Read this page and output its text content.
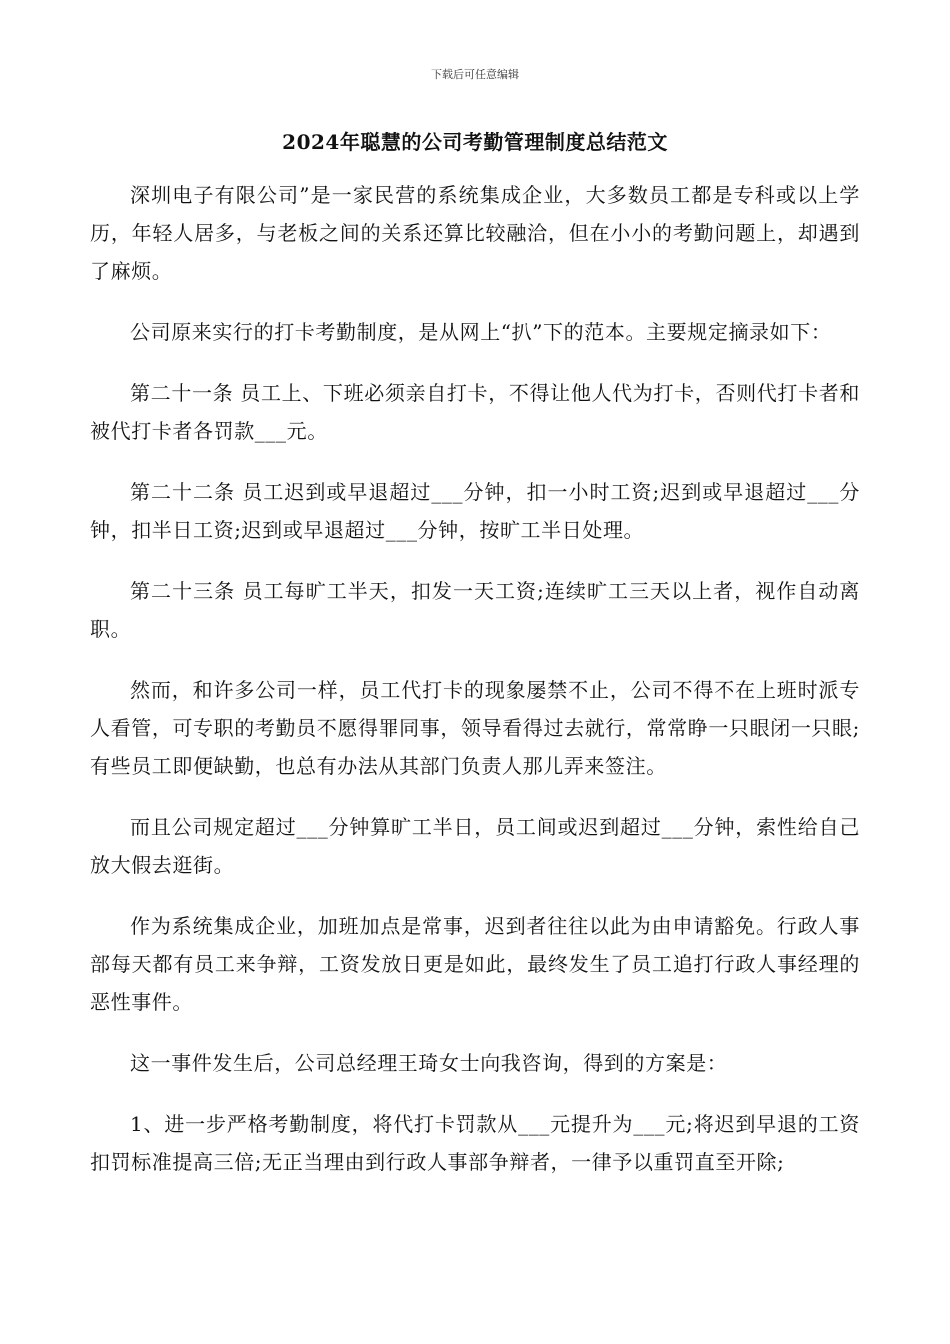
下载后可任意编辑
2024年聪慧的公司考勤管理制度总结范文

深圳电子有限公司”是一家民营的系统集成企业，大多数员工都是专科或以上学历，年轻人居多，与老板之间的关系还算比较融洽，但在小小的考勤问题上，却遇到了麻烦。

公司原来实行的打卡考勤制度，是从网上“扒”下的范本。主要规定摘录如下：

第二十一条 员工上、下班必须亲自打卡，不得让他人代为打卡，否则代打卡者和被代打卡者各罚款___元。

第二十二条 员工迟到或早退超过___分钟，扣一小时工资;迟到或早退超过___分钟，扣半日工资;迟到或早退超过___分钟，按旷工半日处理。

第二十三条 员工每旷工半天，扣发一天工资;连续旷工三天以上者，视作自动离职。

然而，和许多公司一样，员工代打卡的现象屡禁不止，公司不得不在上班时派专人看管，可专职的考勤员不愿得罪同事，领导看得过去就行，常常睁一只眼闭一只眼;有些员工即便缺勤，也总有办法从其部门负责人那儿弄来签注。

而且公司规定超过___分钟算旷工半日，员工间或迟到超过___分钟，索性给自己放大假去逛街。

作为系统集成企业，加班加点是常事，迟到者往往以此为由申请豁免。行政人事部每天都有员工来争辩，工资发放日更是如此，最终发生了员工追打行政人事经理的恶性事件。

这一事件发生后，公司总经理王琦女士向我咨询，得到的方案是：

1、进一步严格考勤制度，将代打卡罚款从___元提升为___元;将迟到早退的工资扣罚标准提高三倍;无正当理由到行政人事部争辩者，一律予以重罚直至开除;
